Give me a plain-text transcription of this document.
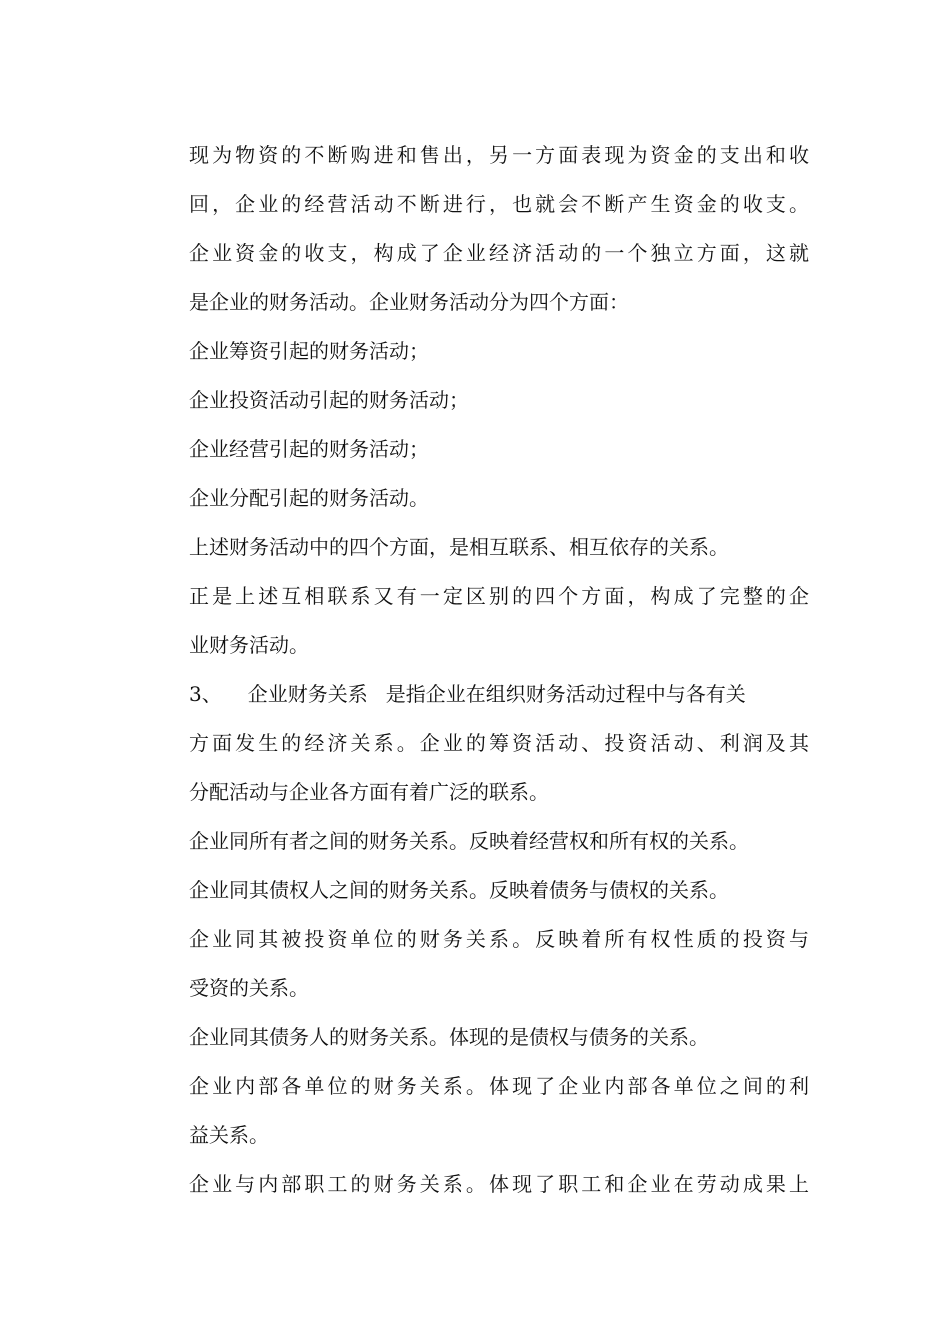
现为物资的不断购进和售出，另一方面表现为资金的支出和收
回，企业的经营活动不断进行，也就会不断产生资金的收支。
企业资金的收支，构成了企业经济活动的一个独立方面，这就
是企业的财务活动。企业财务活动分为四个方面：
企业筹资引起的财务活动；
企业投资活动引起的财务活动；
企业经营引起的财务活动；
企业分配引起的财务活动。
上述财务活动中的四个方面，是相互联系、相互依存的关系。
正是上述互相联系又有一定区别的四个方面，构成了完整的企
业财务活动。
3、 企业财务关系 是指企业在组织财务活动过程中与各有关
方面发生的经济关系。企业的筹资活动、投资活动、利润及其
分配活动与企业各方面有着广泛的联系。
企业同所有者之间的财务关系。反映着经营权和所有权的关系。
企业同其债权人之间的财务关系。反映着债务与债权的关系。
企业同其被投资单位的财务关系。反映着所有权性质的投资与
受资的关系。
企业同其债务人的财务关系。体现的是债权与债务的关系。
企业内部各单位的财务关系。体现了企业内部各单位之间的利
益关系。
企业与内部职工的财务关系。体现了职工和企业在劳动成果上
